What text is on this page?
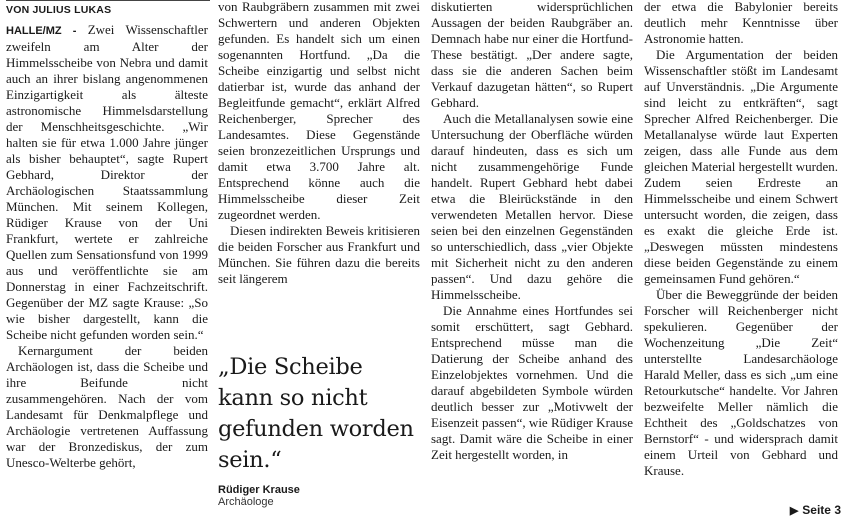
VON JULIUS LUKAS

HALLE/MZ - Zwei Wissenschaftler zweifeln am Alter der Himmelsscheibe von Nebra und damit auch an ihrer bislang angenommenen Einzigartigkeit als älteste astronomische Himmelsdarstellung der Menschheitsgeschichte. „Wir halten sie für etwa 1.000 Jahre jünger als bisher behauptet“, sagte Rupert Gebhard, Direktor der Archäologischen Staatssammlung München. Mit seinem Kollegen, Rüdiger Krause von der Uni Frankfurt, wertete er zahlreiche Quellen zum Sensationsfund von 1999 aus und veröffentlichte sie am Donnerstag in einer Fachzeitschrift. Gegenüber der MZ sagte Krause: „So wie bisher dargestellt, kann die Scheibe nicht gefunden worden sein.“

Kernargument der beiden Archäologen ist, dass die Scheibe und ihre Beifunde nicht zusammengehören. Nach der vom Landesamt für Denkmalpflege und Archäologie vertretenen Auffassung war der Bronzediskus, der zum Unesco-Welterbe gehört,

von Raubgräbern zusammen mit zwei Schwertern und anderen Objekten gefunden. Es handelt sich um einen sogenannten Hortfund. „Da die Scheibe einzigartig und selbst nicht datierbar ist, wurde das anhand der Begleitfunde gemacht“, erklärt Alfred Reichenberger, Sprecher des Landesamtes. Diese Gegenstände seien bronzezeitlichen Ursprungs und damit etwa 3.700 Jahre alt. Entsprechend könne auch die Himmelsscheibe dieser Zeit zugeordnet werden.

Diesen indirekten Beweis kritisieren die beiden Forscher aus Frankfurt und München. Sie führen dazu die bereits seit längerem

„Die Scheibe kann so nicht gefunden worden sein.“
Rüdiger Krause
Archäologe

diskutierten widersprüchlichen Aussagen der beiden Raubgräber an. Demnach habe nur einer die Hortfund-These bestätigt. „Der andere sagte, dass sie die anderen Sachen beim Verkauf dazugetan hätten“, so Rupert Gebhard.

Auch die Metallanalysen sowie eine Untersuchung der Oberfläche würden darauf hindeuten, dass es sich um nicht zusammengehörige Funde handelt. Rupert Gebhard hebt dabei etwa die Bleirückstände in den verwendeten Metallen hervor. Diese seien bei den einzelnen Gegenständen so unterschiedlich, dass „vier Objekte mit Sicherheit nicht zu den anderen passen“. Und dazu gehöre die Himmelsscheibe.

Die Annahme eines Hortfundes sei somit erschüttert, sagt Gebhard. Entsprechend müsse man die Datierung der Scheibe anhand des Einzelobjektes vornehmen. Und die darauf abgebildeten Symbole würden deutlich besser zur „Motivwelt der Eisenzeit passen“, wie Rüdiger Krause sagt. Damit wäre die Scheibe in einer Zeit hergestellt worden, in

der etwa die Babylonier bereits deutlich mehr Kenntnisse über Astronomie hatten.

Die Argumentation der beiden Wissenschaftler stößt im Landesamt auf Unverständnis. „Die Argumente sind leicht zu entkräften“, sagt Sprecher Alfred Reichenberger. Die Metallanalyse würde laut Experten zeigen, dass alle Funde aus dem gleichen Material hergestellt wurden. Zudem seien Erdreste an Himmelsscheibe und einem Schwert untersucht worden, die zeigen, dass es exakt die gleiche Erde ist. „Deswegen müssten mindestens diese beiden Gegenstände zu einem gemeinsamen Fund gehören.“

Über die Beweggründe der beiden Forscher will Reichenberger nicht spekulieren. Gegenüber der Wochenzeitung „Die Zeit“ unterstellte Landesarchäologe Harald Meller, dass es sich „um eine Retourkutsche“ handelte. Vor Jahren bezweifelte Meller nämlich die Echtheit des „Goldschatzes von Bernstorf“ - und widersprach damit einem Urteil von Gebhard und Krause.

▶ Seite 3
